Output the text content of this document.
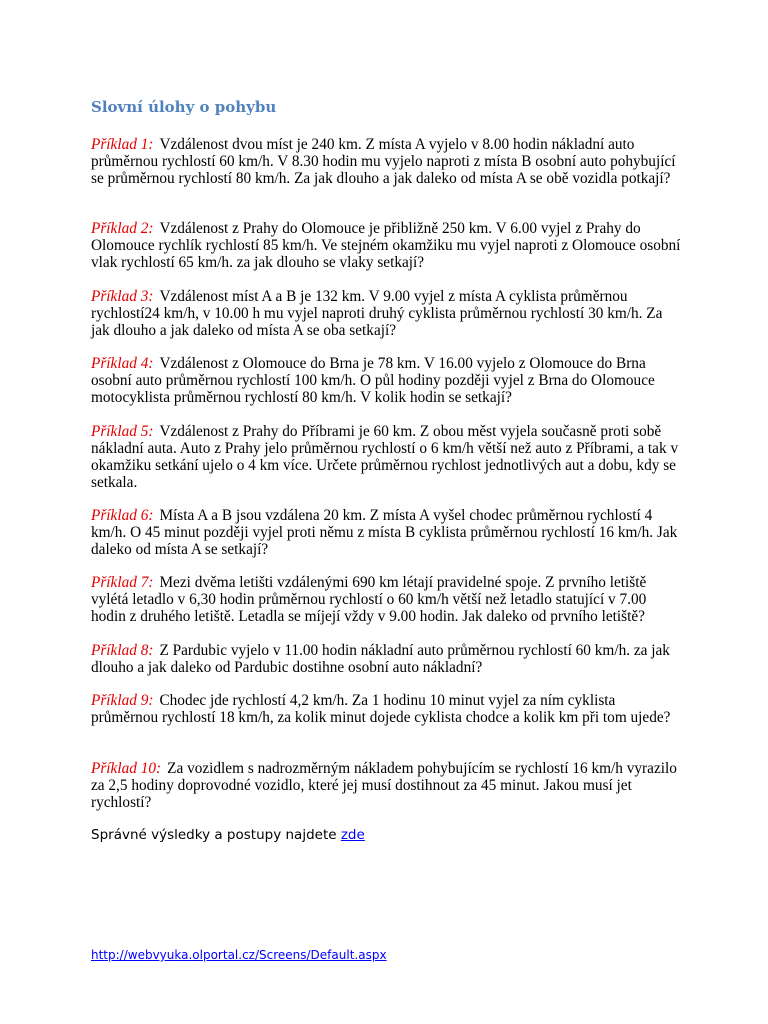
Slovní úlohy o pohybu

Příklad 1: Vzdálenost dvou míst je 240 km. Z místa A vyjelo v 8.00 hodin nákladní auto průměrnou rychlostí 60 km/h. V 8.30 hodin mu vyjelo naproti z místa B osobní auto pohybující se průměrnou rychlostí 80 km/h. Za jak dlouho a jak daleko od místa A se obě vozidla potkají?

Příklad 2: Vzdálenost z Prahy do Olomouce je přibližně 250 km. V 6.00 vyjel z Prahy do Olomouce rychlík rychlostí 85 km/h. Ve stejném okamžiku mu vyjel naproti z Olomouce osobní vlak rychlostí 65 km/h. za jak dlouho se vlaky setkají?

Příklad 3: Vzdálenost míst A a B je 132 km. V 9.00 vyjel z místa A cyklista průměrnou rychlostí24 km/h, v 10.00 h mu vyjel naproti druhý cyklista průměrnou rychlostí 30 km/h. Za jak dlouho a jak daleko od místa A se oba setkají?

Příklad 4: Vzdálenost z Olomouce do Brna je 78 km. V 16.00 vyjelo z Olomouce do Brna osobní auto průměrnou rychlostí 100 km/h. O půl hodiny později vyjel z Brna do Olomouce motocyklista průměrnou rychlostí 80 km/h. V kolik hodin se setkají?

Příklad 5: Vzdálenost z Prahy do Příbrami je 60 km. Z obou měst vyjela současně proti sobě nákladní auta. Auto z Prahy jelo průměrnou rychlostí o 6 km/h větší než auto z Příbrami, a tak v okamžiku setkání ujelo o 4 km více. Určete průměrnou rychlost jednotlivých aut a dobu, kdy se setkala.

Příklad 6: Místa A a B jsou vzdálena 20 km. Z místa A vyšel chodec průměrnou rychlostí 4 km/h. O 45 minut později vyjel proti němu z místa B cyklista průměrnou rychlostí 16 km/h. Jak daleko od místa A se setkají?

Příklad 7: Mezi dvěma letišti vzdálenými 690 km létají pravidelné spoje. Z prvního letiště vylétá letadlo v 6,30 hodin průměrnou rychlostí o 60 km/h větší než letadlo statující v 7.00 hodin z druhého letiště. Letadla se míjejí vždy v 9.00 hodin. Jak daleko od prvního letiště?

Příklad 8: Z Pardubic vyjelo v 11.00 hodin nákladní auto průměrnou rychlostí 60 km/h. za jak dlouho a jak daleko od Pardubic dostihne osobní auto nákladní?

Příklad 9: Chodec jde rychlostí 4,2 km/h. Za 1 hodinu 10 minut vyjel za ním cyklista průměrnou rychlostí 18 km/h, za kolik minut dojede cyklista chodce a kolik km při tom ujede?

Příklad 10: Za vozidlem s nadrozměrným nákladem pohybujícím se rychlostí 16 km/h vyrazilo za 2,5 hodiny doprovodné vozidlo, které jej musí dostihnout za 45 minut. Jakou musí jet rychlostí?

Správné výsledky a postupy najdete zde
http://webvyuka.olportal.cz/Screens/Default.aspx
